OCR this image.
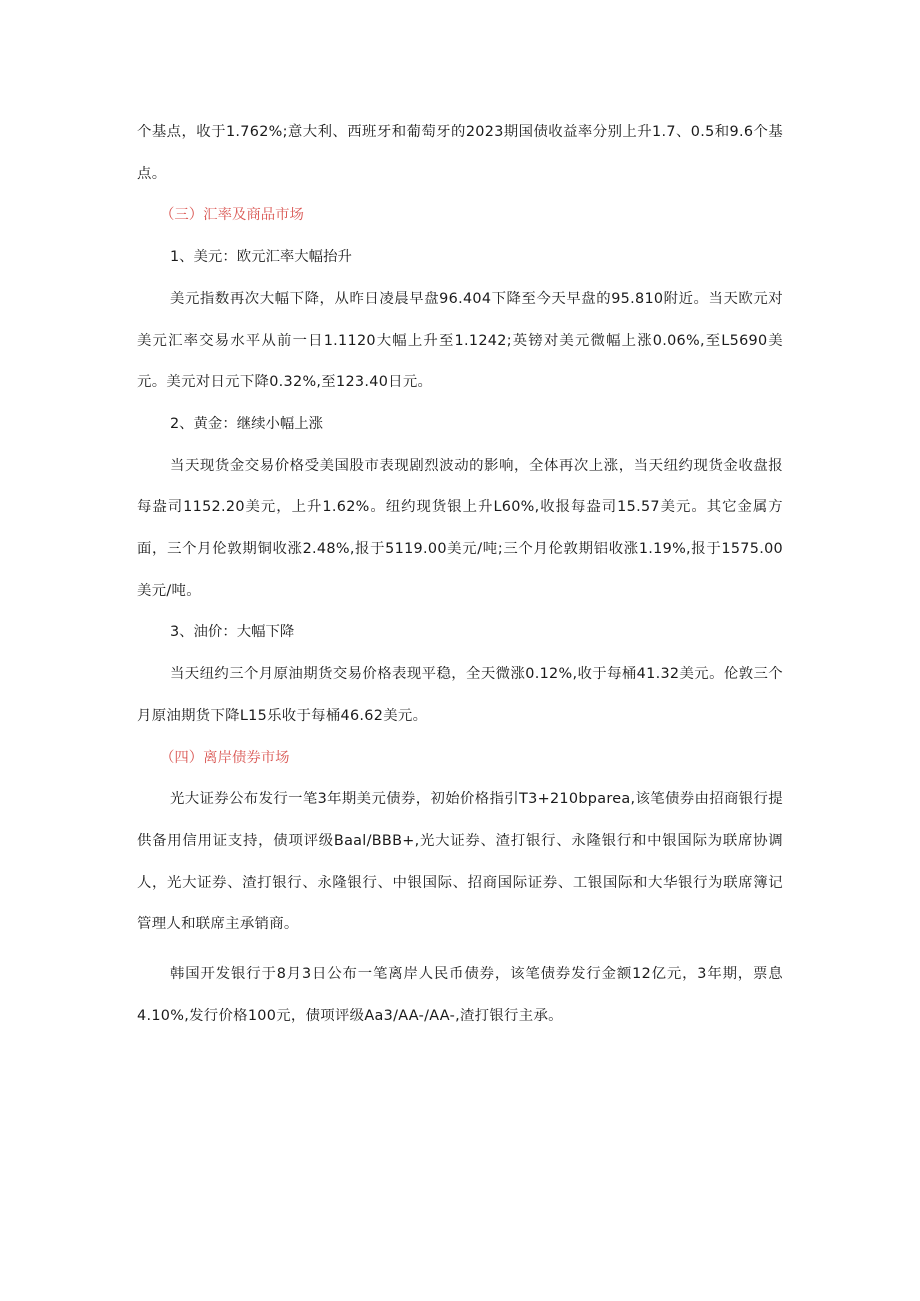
个基点，收于1.762%;意大利、西班牙和葡萄牙的2023期国债收益率分别上升1.7、0.5和9.6个基点。

（三）汇率及商品市场

1、美元：欧元汇率大幅抬升

美元指数再次大幅下降，从昨日凌晨早盘96.404下降至今天早盘的95.810附近。当天欧元对美元汇率交易水平从前一日1.1120大幅上升至1.1242;英镑对美元微幅上涨0.06%,至L5690美元。美元对日元下降0.32%,至123.40日元。

2、黄金：继续小幅上涨

当天现货金交易价格受美国股市表现剧烈波动的影响，全体再次上涨，当天纽约现货金收盘报每盎司1152.20美元，上升1.62%。纽约现货银上升L60%,收报每盎司15.57美元。其它金属方面，三个月伦敦期铜收涨2.48%,报于5119.00美元/吨;三个月伦敦期铝收涨1.19%,报于1575.00美元/吨。

3、油价：大幅下降

当天纽约三个月原油期货交易价格表现平稳，全天微涨0.12%,收于每桶41.32美元。伦敦三个月原油期货下降L15乐收于每桶46.62美元。

（四）离岸债券市场

光大证券公布发行一笔3年期美元债券，初始价格指引T3+210bparea,该笔债券由招商银行提供备用信用证支持，债项评级Baal∕BBB+,光大证券、渣打银行、永隆银行和中银国际为联席协调人，光大证券、渣打银行、永隆银行、中银国际、招商国际证券、工银国际和大华银行为联席簿记管理人和联席主承销商。

韩国开发银行于8月3日公布一笔离岸人民币债券，该笔债券发行金额12亿元，3年期，票息4.10%,发行价格100元，债项评级Aa3∕AA-∕AA-,渣打银行主承。
